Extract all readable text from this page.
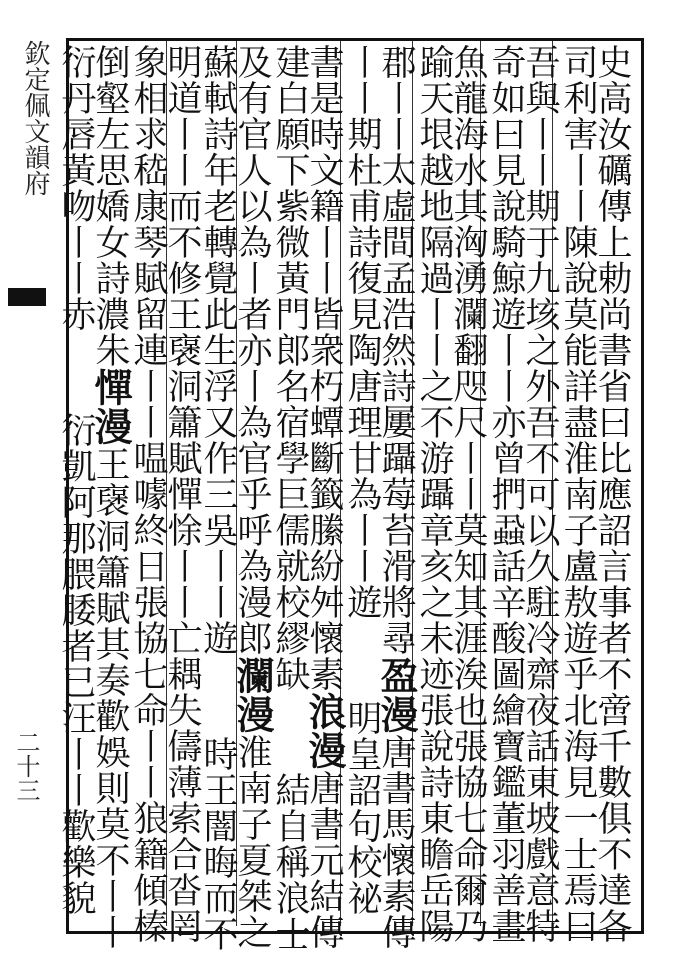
欽定佩文韻府
二十三	史高汝礪傳上勅尚書省曰比應詔言事者不啻千數俱不達各
司利害丨丨陳說莫能詳盡淮南子盧敖遊乎北海見一士焉曰
吾與丨丨期于九垓之外吾不可以久駐冷齋夜話東坡戲意特
奇如曰見說騎鯨遊丨丨亦曾捫蝨話辛酸圖繪寶鑑董羽善畫
魚龍海水其洶湧瀾翻咫尺丨丨莫知其涯涘也張協七命爾乃
踰天垠越地隔過丨丨之不游躡章亥之未迹張說詩東瞻岳陽
郡丨丨太虛間孟浩然詩屢躡莓苔滑將尋盈漫唐書馬懷素傳
丨丨期杜甫詩復見陶唐理甘為丨丨遊明皇詔句校祕
書是時文籍丨丨皆衆朽蟫斷籤縢紛舛懷素浪漫唐書元結傳
建白願下紫微黃門郎名宿學巨儒就校繆缺結自稱浪士
及有官人以為丨者亦丨為官乎呼為漫郎瀾漫淮南子夏桀之
蘇軾詩年老轉覺此生浮又作三吳丨丨遊時王闇晦而不
明道丨丨而不修王襃洞簫賦憚悇丨丨亡耦失儔薄索合沓罔
象相求嵇康琴賦留連丨丨嗢噱終日張協七命丨丨狼籍傾榛
倒壑左思嬌女詩濃朱憚漫王襃洞簫賦其奏歡娛則莫不丨丨
衍丹唇黃吻丨丨赤衍凱阿那腲腇者已汪丨丨歡樂貌
